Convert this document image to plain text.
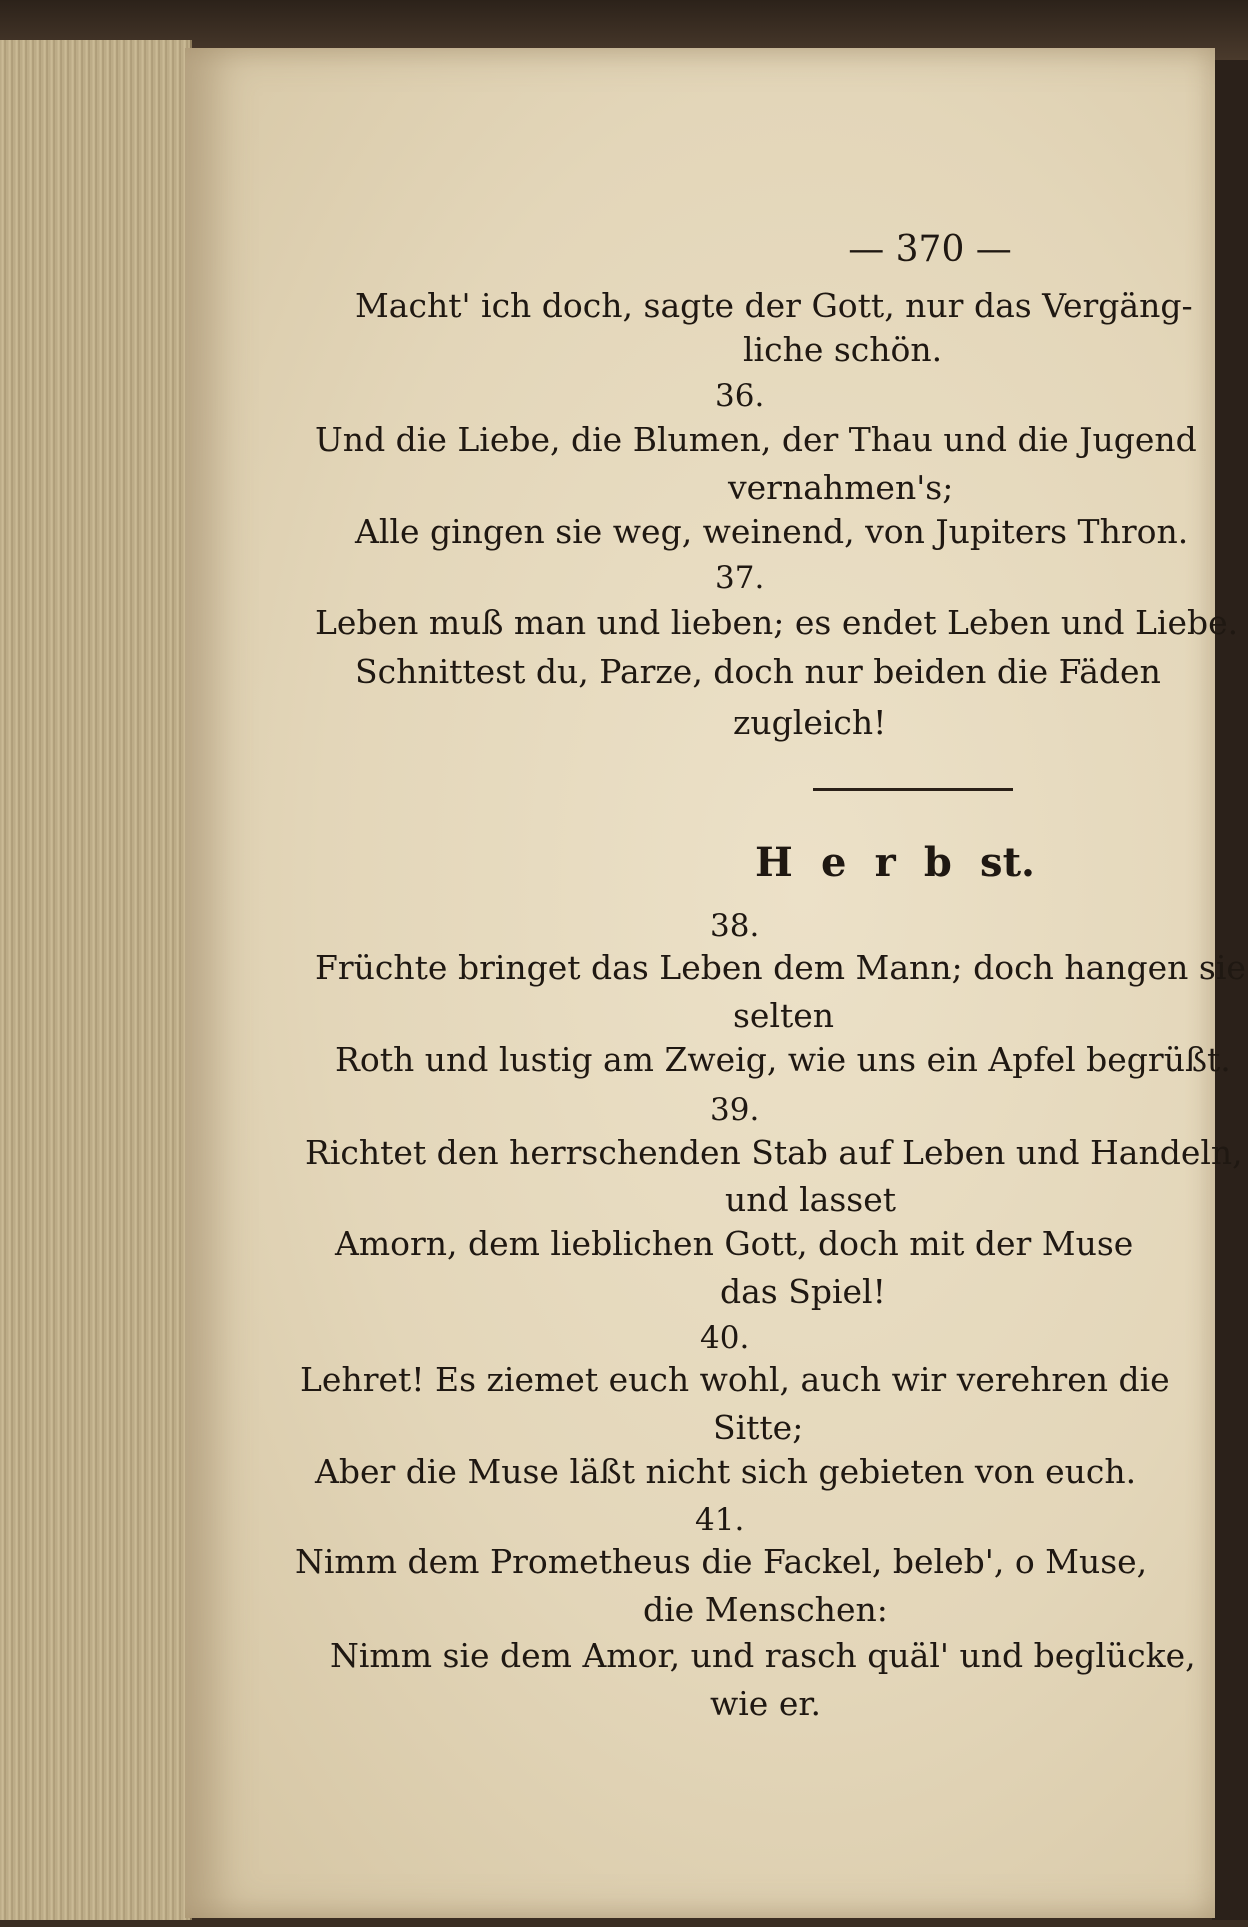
— 370 —
Macht' ich doch, sagte der Gott, nur das Vergäng-
liche schön.
36.
Und die Liebe, die Blumen, der Thau und die Jugend
vernahmen's;
Alle gingen sie weg, weinend, von Jupiters Thron.
37.
Leben muß man und lieben; es endet Leben und Liebe.
Schnittest du, Parze, doch nur beiden die Fäden
zugleich!
H e r b st.
38.
Früchte bringet das Leben dem Mann; doch hangen sie
selten
Roth und lustig am Zweig, wie uns ein Apfel begrüßt.
39.
Richtet den herrschenden Stab auf Leben und Handeln,
und lasset
Amorn, dem lieblichen Gott, doch mit der Muse
das Spiel!
40.
Lehret! Es ziemet euch wohl, auch wir verehren die
Sitte;
Aber die Muse läßt nicht sich gebieten von euch.
41.
Nimm dem Prometheus die Fackel, beleb', o Muse,
die Menschen:
Nimm sie dem Amor, und rasch quäl' und beglücke,
wie er.
